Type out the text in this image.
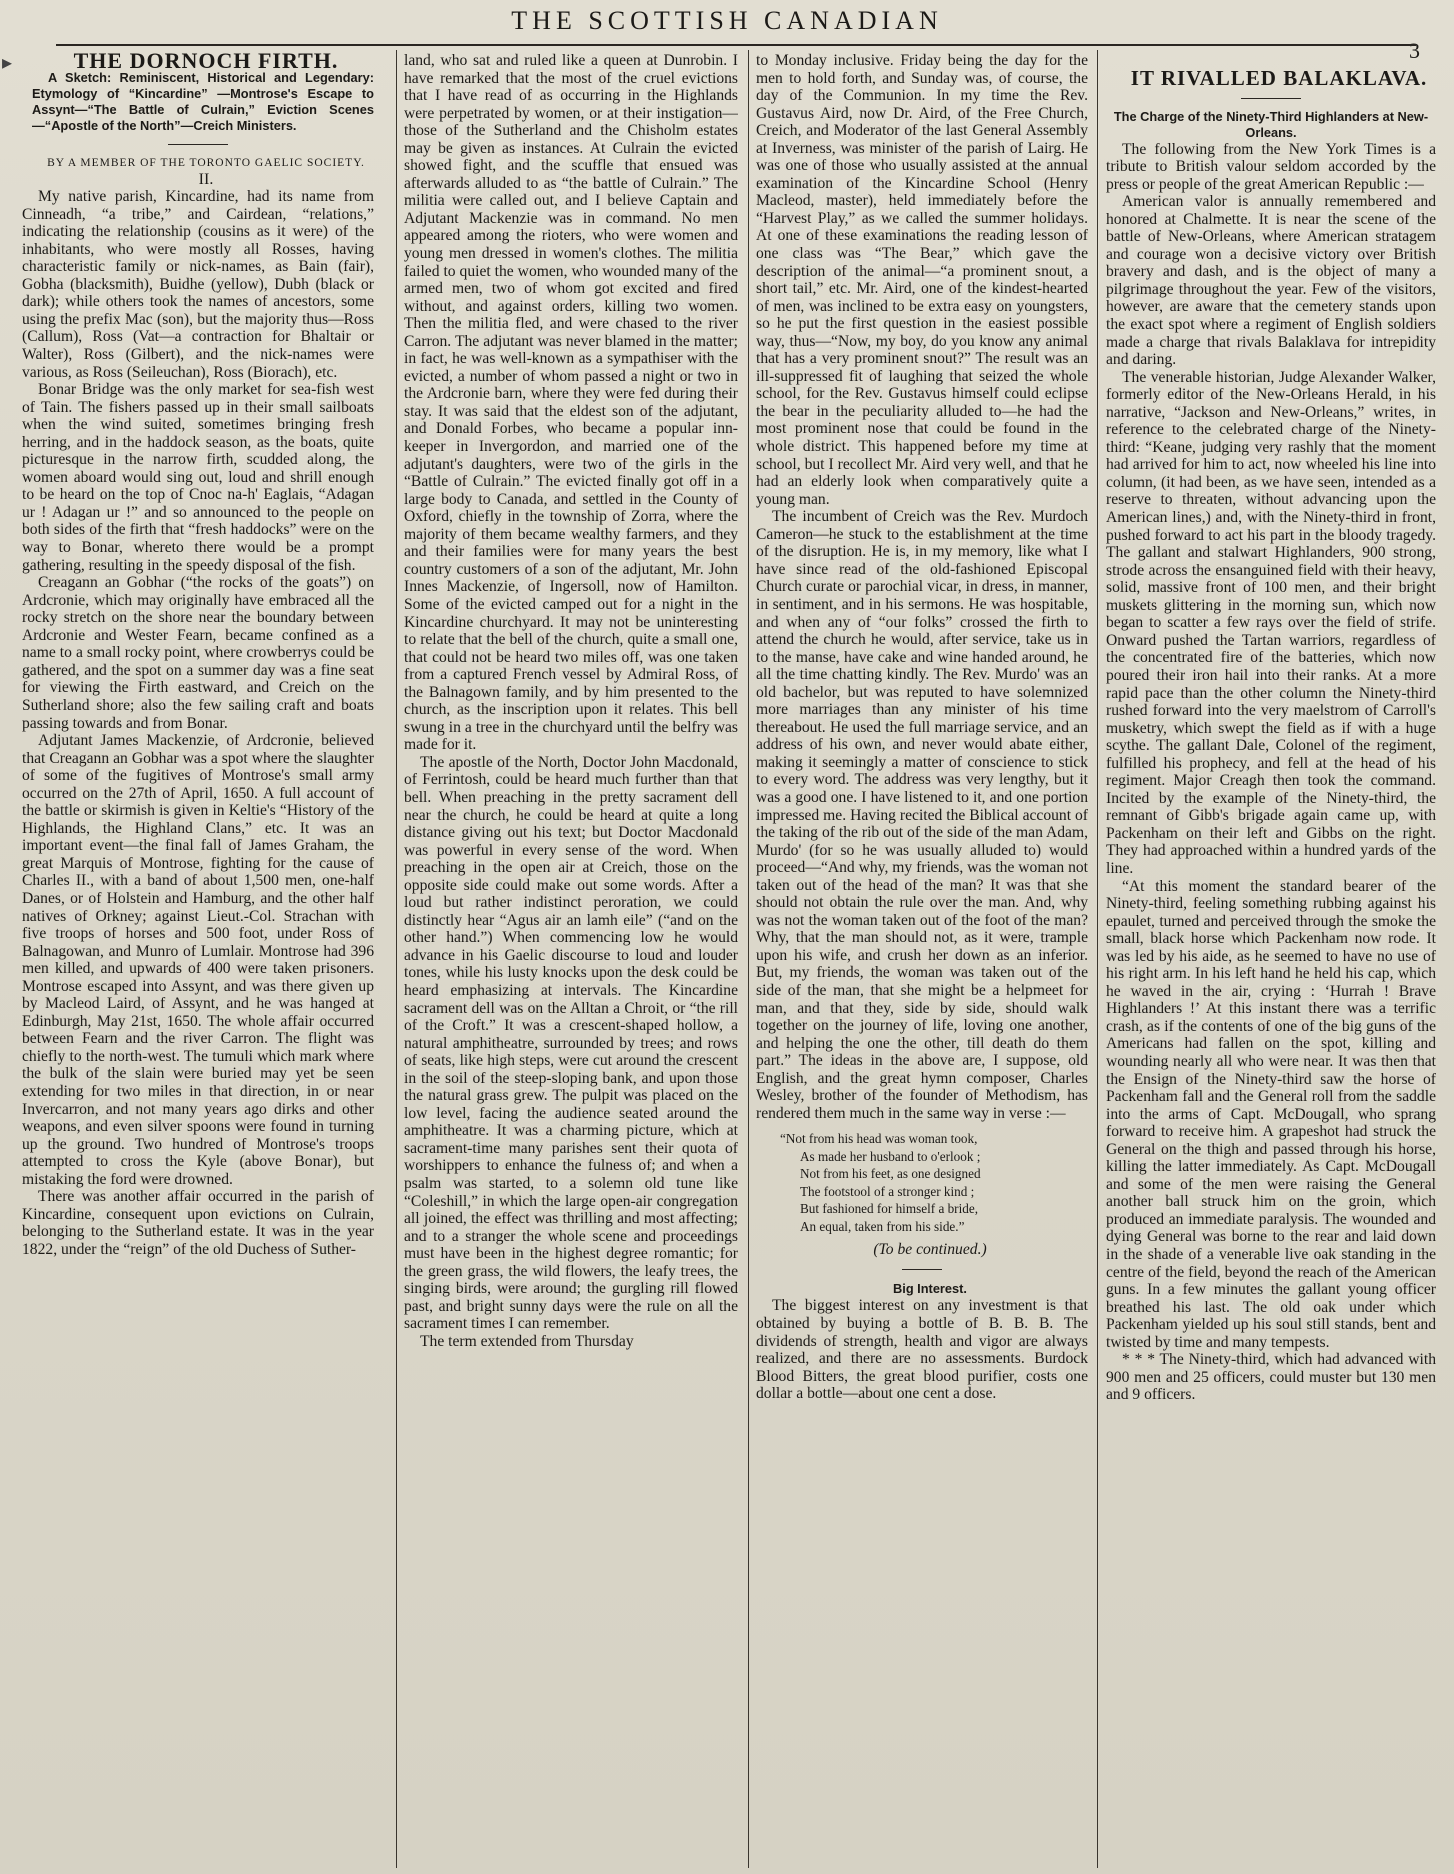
THE SCOTTISH CANADIAN
3
▸	THE DORNOCH FIRTH.

A Sketch: Reminiscent, Historical and Legendary: Etymology of “Kincardine” —Montrose's Escape to Assynt—“The Battle of Culrain,” Eviction Scenes—“Apostle of the North”—Creich Ministers.

BY A MEMBER OF THE TORONTO GAELIC SOCIETY.

II.

My native parish, Kincardine, had its name from Cinneadh, “a tribe,” and Cairdean, “relations,” indicating the relationship (cousins as it were) of the inhabitants, who were mostly all Rosses, having characteristic family or nick-names, as Bain (fair), Gobha (blacksmith), Buidhe (yellow), Dubh (black or dark); while others took the names of ancestors, some using the prefix Mac (son), but the majority thus—Ross (Callum), Ross (Vat—a contraction for Bhaltair or Walter), Ross (Gilbert), and the nick-names were various, as Ross (Seileuchan), Ross (Biorach), etc.

Bonar Bridge was the only market for sea-fish west of Tain. The fishers passed up in their small sailboats when the wind suited, sometimes bringing fresh herring, and in the haddock season, as the boats, quite picturesque in the narrow firth, scudded along, the women aboard would sing out, loud and shrill enough to be heard on the top of Cnoc na-h' Eaglais, “Adagan ur ! Adagan ur !” and so announced to the people on both sides of the firth that “fresh haddocks” were on the way to Bonar, whereto there would be a prompt gathering, resulting in the speedy disposal of the fish.

Creagann an Gobhar (“the rocks of the goats”) on Ardcronie, which may originally have embraced all the rocky stretch on the shore near the boundary between Ardcronie and Wester Fearn, became confined as a name to a small rocky point, where crowberrys could be gathered, and the spot on a summer day was a fine seat for viewing the Firth eastward, and Creich on the Sutherland shore; also the few sailing craft and boats passing towards and from Bonar.

Adjutant James Mackenzie, of Ardcronie, believed that Creagann an Gobhar was a spot where the slaughter of some of the fugitives of Montrose's small army occurred on the 27th of April, 1650. A full account of the battle or skirmish is given in Keltie's “History of the Highlands, the Highland Clans,” etc. It was an important event—the final fall of James Graham, the great Marquis of Montrose, fighting for the cause of Charles II., with a band of about 1,500 men, one-half Danes, or of Holstein and Hamburg, and the other half natives of Orkney; against Lieut.-Col. Strachan with five troops of horses and 500 foot, under Ross of Balnagowan, and Munro of Lumlair. Montrose had 396 men killed, and upwards of 400 were taken prisoners. Montrose escaped into Assynt, and was there given up by Macleod Laird, of Assynt, and he was hanged at Edinburgh, May 21st, 1650. The whole affair occurred between Fearn and the river Carron. The flight was chiefly to the north-west. The tumuli which mark where the bulk of the slain were buried may yet be seen extending for two miles in that direction, in or near Invercarron, and not many years ago dirks and other weapons, and even silver spoons were found in turning up the ground. Two hundred of Montrose's troops attempted to cross the Kyle (above Bonar), but mistaking the ford were drowned.

There was another affair occurred in the parish of Kincardine, consequent upon evictions on Culrain, belonging to the Sutherland estate. It was in the year 1822, under the “reign” of the old Duchess of Suther-

land, who sat and ruled like a queen at Dunrobin. I have remarked that the most of the cruel evictions that I have read of as occurring in the Highlands were perpetrated by women, or at their instigation—those of the Sutherland and the Chisholm estates may be given as instances. At Culrain the evicted showed fight, and the scuffle that ensued was afterwards alluded to as “the battle of Culrain.” The militia were called out, and I believe Captain and Adjutant Mackenzie was in command. No men appeared among the rioters, who were women and young men dressed in women's clothes. The militia failed to quiet the women, who wounded many of the armed men, two of whom got excited and fired without, and against orders, killing two women. Then the militia fled, and were chased to the river Carron. The adjutant was never blamed in the matter; in fact, he was well-known as a sympathiser with the evicted, a number of whom passed a night or two in the Ardcronie barn, where they were fed during their stay. It was said that the eldest son of the adjutant, and Donald Forbes, who became a popular inn-keeper in Invergordon, and married one of the adjutant's daughters, were two of the girls in the “Battle of Culrain.” The evicted finally got off in a large body to Canada, and settled in the County of Oxford, chiefly in the township of Zorra, where the majority of them became wealthy farmers, and they and their families were for many years the best country customers of a son of the adjutant, Mr. John Innes Mackenzie, of Ingersoll, now of Hamilton. Some of the evicted camped out for a night in the Kincardine churchyard. It may not be uninteresting to relate that the bell of the church, quite a small one, that could not be heard two miles off, was one taken from a captured French vessel by Admiral Ross, of the Balnagown family, and by him presented to the church, as the inscription upon it relates. This bell swung in a tree in the churchyard until the belfry was made for it.

The apostle of the North, Doctor John Macdonald, of Ferrintosh, could be heard much further than that bell. When preaching in the pretty sacrament dell near the church, he could be heard at quite a long distance giving out his text; but Doctor Macdonald was powerful in every sense of the word. When preaching in the open air at Creich, those on the opposite side could make out some words. After a loud but rather indistinct peroration, we could distinctly hear “Agus air an lamh eile” (“and on the other hand.”) When commencing low he would advance in his Gaelic discourse to loud and louder tones, while his lusty knocks upon the desk could be heard emphasizing at intervals. The Kincardine sacrament dell was on the Alltan a Chroit, or “the rill of the Croft.” It was a crescent-shaped hollow, a natural amphitheatre, surrounded by trees; and rows of seats, like high steps, were cut around the crescent in the soil of the steep-sloping bank, and upon those the natural grass grew. The pulpit was placed on the low level, facing the audience seated around the amphitheatre. It was a charming picture, which at sacrament-time many parishes sent their quota of worshippers to enhance the fulness of; and when a psalm was started, to a solemn old tune like “Coleshill,” in which the large open-air congregation all joined, the effect was thrilling and most affecting; and to a stranger the whole scene and proceedings must have been in the highest degree romantic; for the green grass, the wild flowers, the leafy trees, the singing birds, were around; the gurgling rill flowed past, and bright sunny days were the rule on all the sacrament times I can remember.

The term extended from Thursday

to Monday inclusive. Friday being the day for the men to hold forth, and Sunday was, of course, the day of the Communion. In my time the Rev. Gustavus Aird, now Dr. Aird, of the Free Church, Creich, and Moderator of the last General Assembly at Inverness, was minister of the parish of Lairg. He was one of those who usually assisted at the annual examination of the Kincardine School (Henry Macleod, master), held immediately before the “Harvest Play,” as we called the summer holidays. At one of these examinations the reading lesson of one class was “The Bear,” which gave the description of the animal—“a prominent snout, a short tail,” etc. Mr. Aird, one of the kindest-hearted of men, was inclined to be extra easy on youngsters, so he put the first question in the easiest possible way, thus—“Now, my boy, do you know any animal that has a very prominent snout?” The result was an ill-suppressed fit of laughing that seized the whole school, for the Rev. Gustavus himself could eclipse the bear in the peculiarity alluded to—he had the most prominent nose that could be found in the whole district. This happened before my time at school, but I recollect Mr. Aird very well, and that he had an elderly look when comparatively quite a young man.

The incumbent of Creich was the Rev. Murdoch Cameron—he stuck to the establishment at the time of the disruption. He is, in my memory, like what I have since read of the old-fashioned Episcopal Church curate or parochial vicar, in dress, in manner, in sentiment, and in his sermons. He was hospitable, and when any of “our folks” crossed the firth to attend the church he would, after service, take us in to the manse, have cake and wine handed around, he all the time chatting kindly. The Rev. Murdo' was an old bachelor, but was reputed to have solemnized more marriages than any minister of his time thereabout. He used the full marriage service, and an address of his own, and never would abate either, making it seemingly a matter of conscience to stick to every word. The address was very lengthy, but it was a good one. I have listened to it, and one portion impressed me. Having recited the Biblical account of the taking of the rib out of the side of the man Adam, Murdo' (for so he was usually alluded to) would proceed—“And why, my friends, was the woman not taken out of the head of the man? It was that she should not obtain the rule over the man. And, why was not the woman taken out of the foot of the man? Why, that the man should not, as it were, trample upon his wife, and crush her down as an inferior. But, my friends, the woman was taken out of the side of the man, that she might be a helpmeet for man, and that they, side by side, should walk together on the journey of life, loving one another, and helping the one the other, till death do them part.” The ideas in the above are, I suppose, old English, and the great hymn composer, Charles Wesley, brother of the founder of Methodism, has rendered them much in the same way in verse :—

“Not from his head was woman took,
As made her husband to o'erlook ;
Not from his feet, as one designed
The footstool of a stronger kind ;
But fashioned for himself a bride,
An equal, taken from his side.”

(To be continued.)

Big Interest.

The biggest interest on any investment is that obtained by buying a bottle of B. B. B. The dividends of strength, health and vigor are always realized, and there are no assessments. Burdock Blood Bitters, the great blood purifier, costs one dollar a bottle—about one cent a dose.

IT RIVALLED BALAKLAVA.

The Charge of the Ninety-Third Highlanders at New-Orleans.

The following from the New York Times is a tribute to British valour seldom accorded by the press or people of the great American Republic :—

American valor is annually remembered and honored at Chalmette. It is near the scene of the battle of New-Orleans, where American stratagem and courage won a decisive victory over British bravery and dash, and is the object of many a pilgrimage throughout the year. Few of the visitors, however, are aware that the cemetery stands upon the exact spot where a regiment of English soldiers made a charge that rivals Balaklava for intrepidity and daring.

The venerable historian, Judge Alexander Walker, formerly editor of the New-Orleans Herald, in his narrative, “Jackson and New-Orleans,” writes, in reference to the celebrated charge of the Ninety-third: “Keane, judging very rashly that the moment had arrived for him to act, now wheeled his line into column, (it had been, as we have seen, intended as a reserve to threaten, without advancing upon the American lines,) and, with the Ninety-third in front, pushed forward to act his part in the bloody tragedy. The gallant and stalwart Highlanders, 900 strong, strode across the ensanguined field with their heavy, solid, massive front of 100 men, and their bright muskets glittering in the morning sun, which now began to scatter a few rays over the field of strife. Onward pushed the Tartan warriors, regardless of the concentrated fire of the batteries, which now poured their iron hail into their ranks. At a more rapid pace than the other column the Ninety-third rushed forward into the very maelstrom of Carroll's musketry, which swept the field as if with a huge scythe. The gallant Dale, Colonel of the regiment, fulfilled his prophecy, and fell at the head of his regiment. Major Creagh then took the command. Incited by the example of the Ninety-third, the remnant of Gibb's brigade again came up, with Packenham on their left and Gibbs on the right. They had approached within a hundred yards of the line.

“At this moment the standard bearer of the Ninety-third, feeling something rubbing against his epaulet, turned and perceived through the smoke the small, black horse which Packenham now rode. It was led by his aide, as he seemed to have no use of his right arm. In his left hand he held his cap, which he waved in the air, crying : ‘Hurrah ! Brave Highlanders !’ At this instant there was a terrific crash, as if the contents of one of the big guns of the Americans had fallen on the spot, killing and wounding nearly all who were near. It was then that the Ensign of the Ninety-third saw the horse of Packenham fall and the General roll from the saddle into the arms of Capt. McDougall, who sprang forward to receive him. A grapeshot had struck the General on the thigh and passed through his horse, killing the latter immediately. As Capt. McDougall and some of the men were raising the General another ball struck him on the groin, which produced an immediate paralysis. The wounded and dying General was borne to the rear and laid down in the shade of a venerable live oak standing in the centre of the field, beyond the reach of the American guns. In a few minutes the gallant young officer breathed his last. The old oak under which Packenham yielded up his soul still stands, bent and twisted by time and many tempests.

* * * The Ninety-third, which had advanced with 900 men and 25 officers, could muster but 130 men and 9 officers.
